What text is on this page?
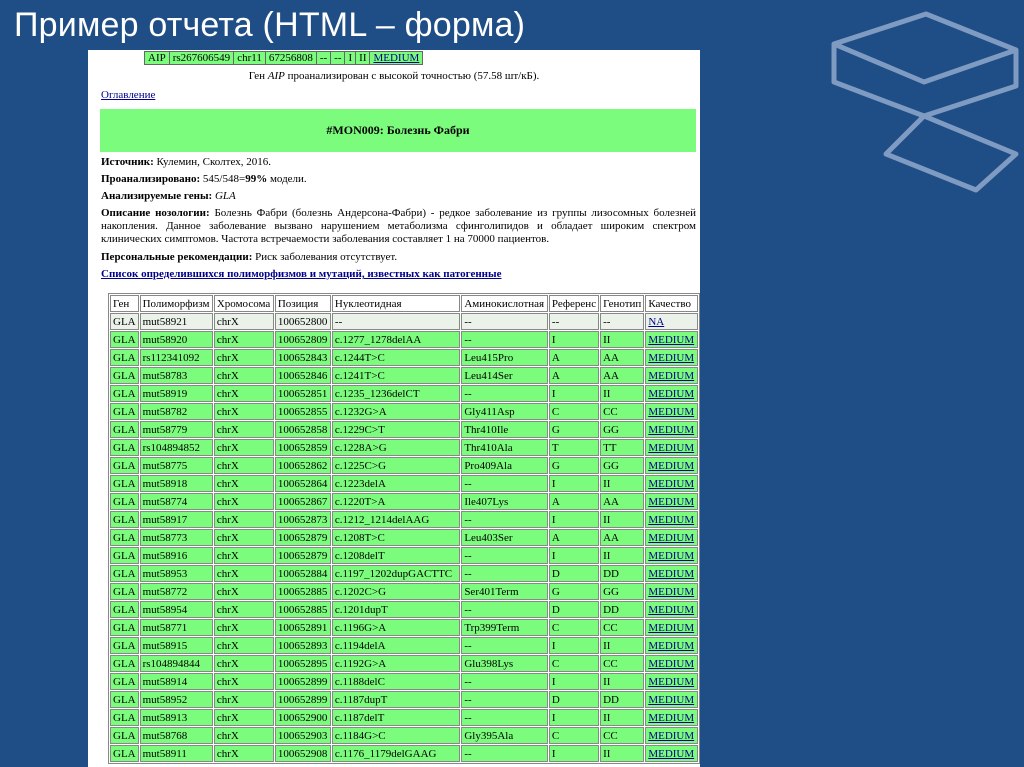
Пример отчета (HTML – форма)
AIP	rs267606549	chr11	67256808	--	--	I	II	MEDIUM
Ген AIP проанализирован с высокой точностью (57.58 шт/кБ).
Оглавление
#MON009: Болезнь Фабри
Источник: Кулемин, Сколтех, 2016.
Проанализировано: 545/548=99% модели.
Анализируемые гены: GLA
Описание нозологии: Болезнь Фабри (болезнь Андерсона-Фабри) - редкое заболевание из группы лизосомных болезней накопления. Данное заболевание вызвано нарушением метаболизма сфинголипидов и обладает широким спектром клинических симптомов. Частота встречаемости заболевания составляет 1 на 70000 пациентов.
Персональные рекомендации: Риск заболевания отсутствует.
Список определившихся полиморфизмов и мутаций, известных как патогенные
Ген	Полиморфизм	Хромосома	Позиция	Нуклеотидная	Аминокислотная	Референс	Генотип	Качество
GLA	mut58921	chrX	100652800	--	--	--	--	NA
GLA	mut58920	chrX	100652809	c.1277_1278delAA	--	I	II	MEDIUM
GLA	rs112341092	chrX	100652843	c.1244T>C	Leu415Pro	A	AA	MEDIUM
GLA	mut58783	chrX	100652846	c.1241T>C	Leu414Ser	A	AA	MEDIUM
GLA	mut58919	chrX	100652851	c.1235_1236delCT	--	I	II	MEDIUM
GLA	mut58782	chrX	100652855	c.1232G>A	Gly411Asp	C	CC	MEDIUM
GLA	mut58779	chrX	100652858	c.1229C>T	Thr410Ile	G	GG	MEDIUM
GLA	rs104894852	chrX	100652859	c.1228A>G	Thr410Ala	T	TT	MEDIUM
GLA	mut58775	chrX	100652862	c.1225C>G	Pro409Ala	G	GG	MEDIUM
GLA	mut58918	chrX	100652864	c.1223delA	--	I	II	MEDIUM
GLA	mut58774	chrX	100652867	c.1220T>A	Ile407Lys	A	AA	MEDIUM
GLA	mut58917	chrX	100652873	c.1212_1214delAAG	--	I	II	MEDIUM
GLA	mut58773	chrX	100652879	c.1208T>C	Leu403Ser	A	AA	MEDIUM
GLA	mut58916	chrX	100652879	c.1208delT	--	I	II	MEDIUM
GLA	mut58953	chrX	100652884	c.1197_1202dupGACTTC	--	D	DD	MEDIUM
GLA	mut58772	chrX	100652885	c.1202C>G	Ser401Term	G	GG	MEDIUM
GLA	mut58954	chrX	100652885	c.1201dupT	--	D	DD	MEDIUM
GLA	mut58771	chrX	100652891	c.1196G>A	Trp399Term	C	CC	MEDIUM
GLA	mut58915	chrX	100652893	c.1194delA	--	I	II	MEDIUM
GLA	rs104894844	chrX	100652895	c.1192G>A	Glu398Lys	C	CC	MEDIUM
GLA	mut58914	chrX	100652899	c.1188delC	--	I	II	MEDIUM
GLA	mut58952	chrX	100652899	c.1187dupT	--	D	DD	MEDIUM
GLA	mut58913	chrX	100652900	c.1187delT	--	I	II	MEDIUM
GLA	mut58768	chrX	100652903	c.1184G>C	Gly395Ala	C	CC	MEDIUM
GLA	mut58911	chrX	100652908	c.1176_1179delGAAG	--	I	II	MEDIUM
